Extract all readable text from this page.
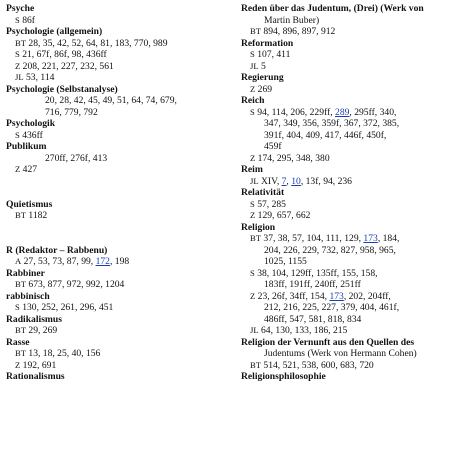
Psyche
S 86f
Psychologie (allgemein)
BT 28, 35, 42, 52, 64, 81, 183, 770, 989
S 21, 67f, 86f, 98, 436ff
Z 208, 221, 227, 232, 561
JL 53, 114
Psychologie (Selbstanalyse)
20, 28, 42, 45, 49, 51, 64, 74, 679,
716, 779, 792
Psychologik
S 436ff
Publikum
270ff, 276f, 413
Z 427
Quietismus
BT 1182
R (Redaktor – Rabbenu)
A 27, 53, 73, 87, 99, 172, 198
Rabbiner
BT 673, 877, 972, 992, 1204
rabbinisch
S 130, 252, 261, 296, 451
Radikalismus
BT 29, 269
Rasse
BT 13, 18, 25, 40, 156
Z 192, 691
Rationalismus
Reden über das Judentum, (Drei) (Werk von
Martin Buber)
BT 894, 896, 897, 912
Reformation
S 107, 411
JL 5
Regierung
Z 269
Reich
S 94, 114, 206, 229ff, 289, 295ff, 340,
347, 349, 356, 359f, 367, 372, 385,
391f, 404, 409, 417, 446f, 450f,
459f
Z 174, 295, 348, 380
Reim
JL XIV, 7, 10, 13f, 94, 236
Relativität
S 57, 285
Z 129, 657, 662
Religion
BT 37, 38, 57, 104, 111, 129, 173, 184,
204, 226, 229, 732, 827, 958, 965,
1025, 1155
S 38, 104, 129ff, 135ff, 155, 158,
183ff, 191ff, 240ff, 251ff
Z 23, 26f, 34ff, 154, 173, 202, 204ff,
212, 216, 225, 227, 379, 404, 461f,
486ff, 547, 581, 818, 834
JL 64, 130, 133, 186, 215
Religion der Vernunft aus den Quellen des
Judentums (Werk von Hermann Cohen)
BT 514, 521, 538, 600, 683, 720
Religionsphilosophie
